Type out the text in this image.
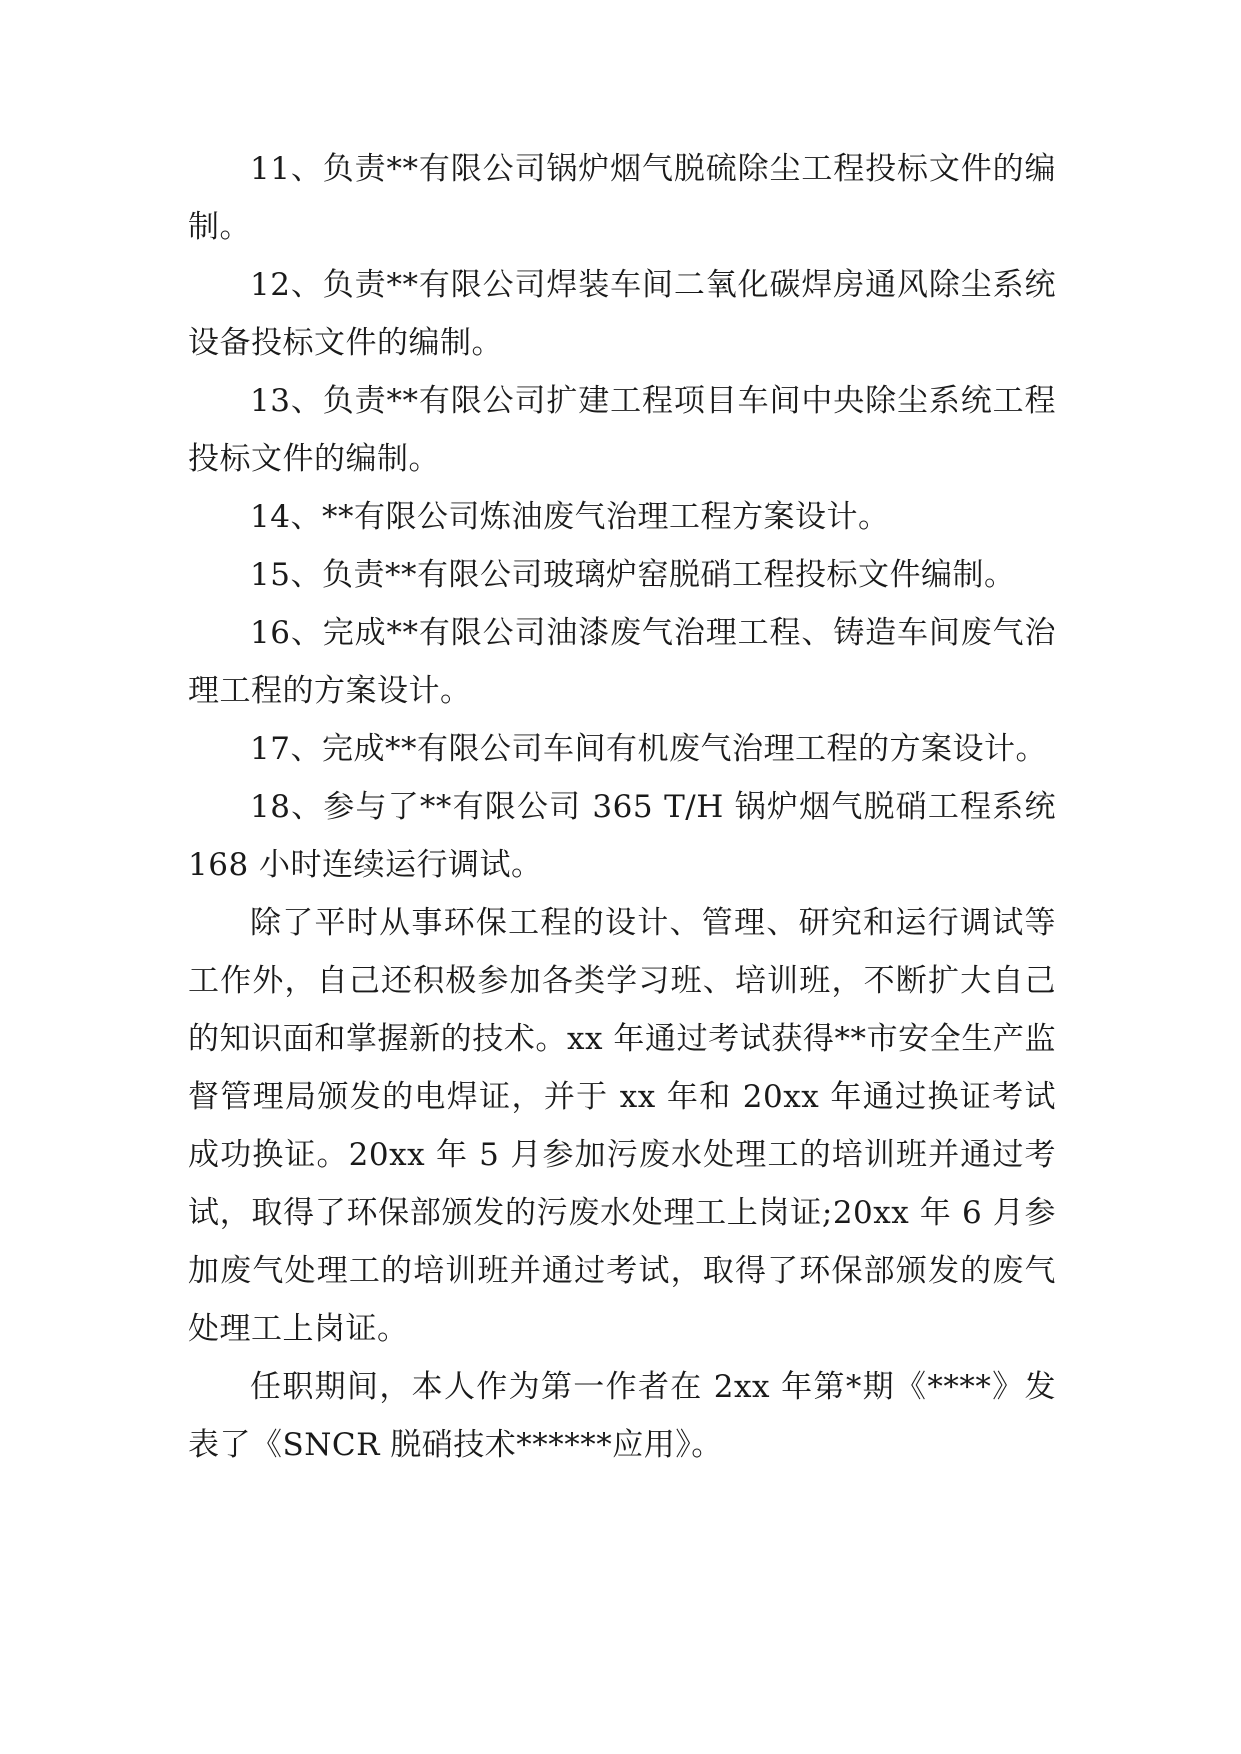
11、负责**有限公司锅炉烟气脱硫除尘工程投标文件的编制。

12、负责**有限公司焊装车间二氧化碳焊房通风除尘系统设备投标文件的编制。

13、负责**有限公司扩建工程项目车间中央除尘系统工程投标文件的编制。

14、**有限公司炼油废气治理工程方案设计。

15、负责**有限公司玻璃炉窑脱硝工程投标文件编制。

16、完成**有限公司油漆废气治理工程、铸造车间废气治理工程的方案设计。

17、完成**有限公司车间有机废气治理工程的方案设计。

18、参与了**有限公司 365 T/H 锅炉烟气脱硝工程系统 168 小时连续运行调试。

除了平时从事环保工程的设计、管理、研究和运行调试等工作外，自己还积极参加各类学习班、培训班，不断扩大自己的知识面和掌握新的技术。xx 年通过考试获得**市安全生产监督管理局颁发的电焊证，并于 xx 年和 20xx 年通过换证考试成功换证。20xx 年 5 月参加污废水处理工的培训班并通过考试，取得了环保部颁发的污废水处理工上岗证;20xx 年 6 月参加废气处理工的培训班并通过考试，取得了环保部颁发的废气处理工上岗证。

任职期间，本人作为第一作者在 2xx 年第*期《****》发表了《SNCR 脱硝技术******应用》。
